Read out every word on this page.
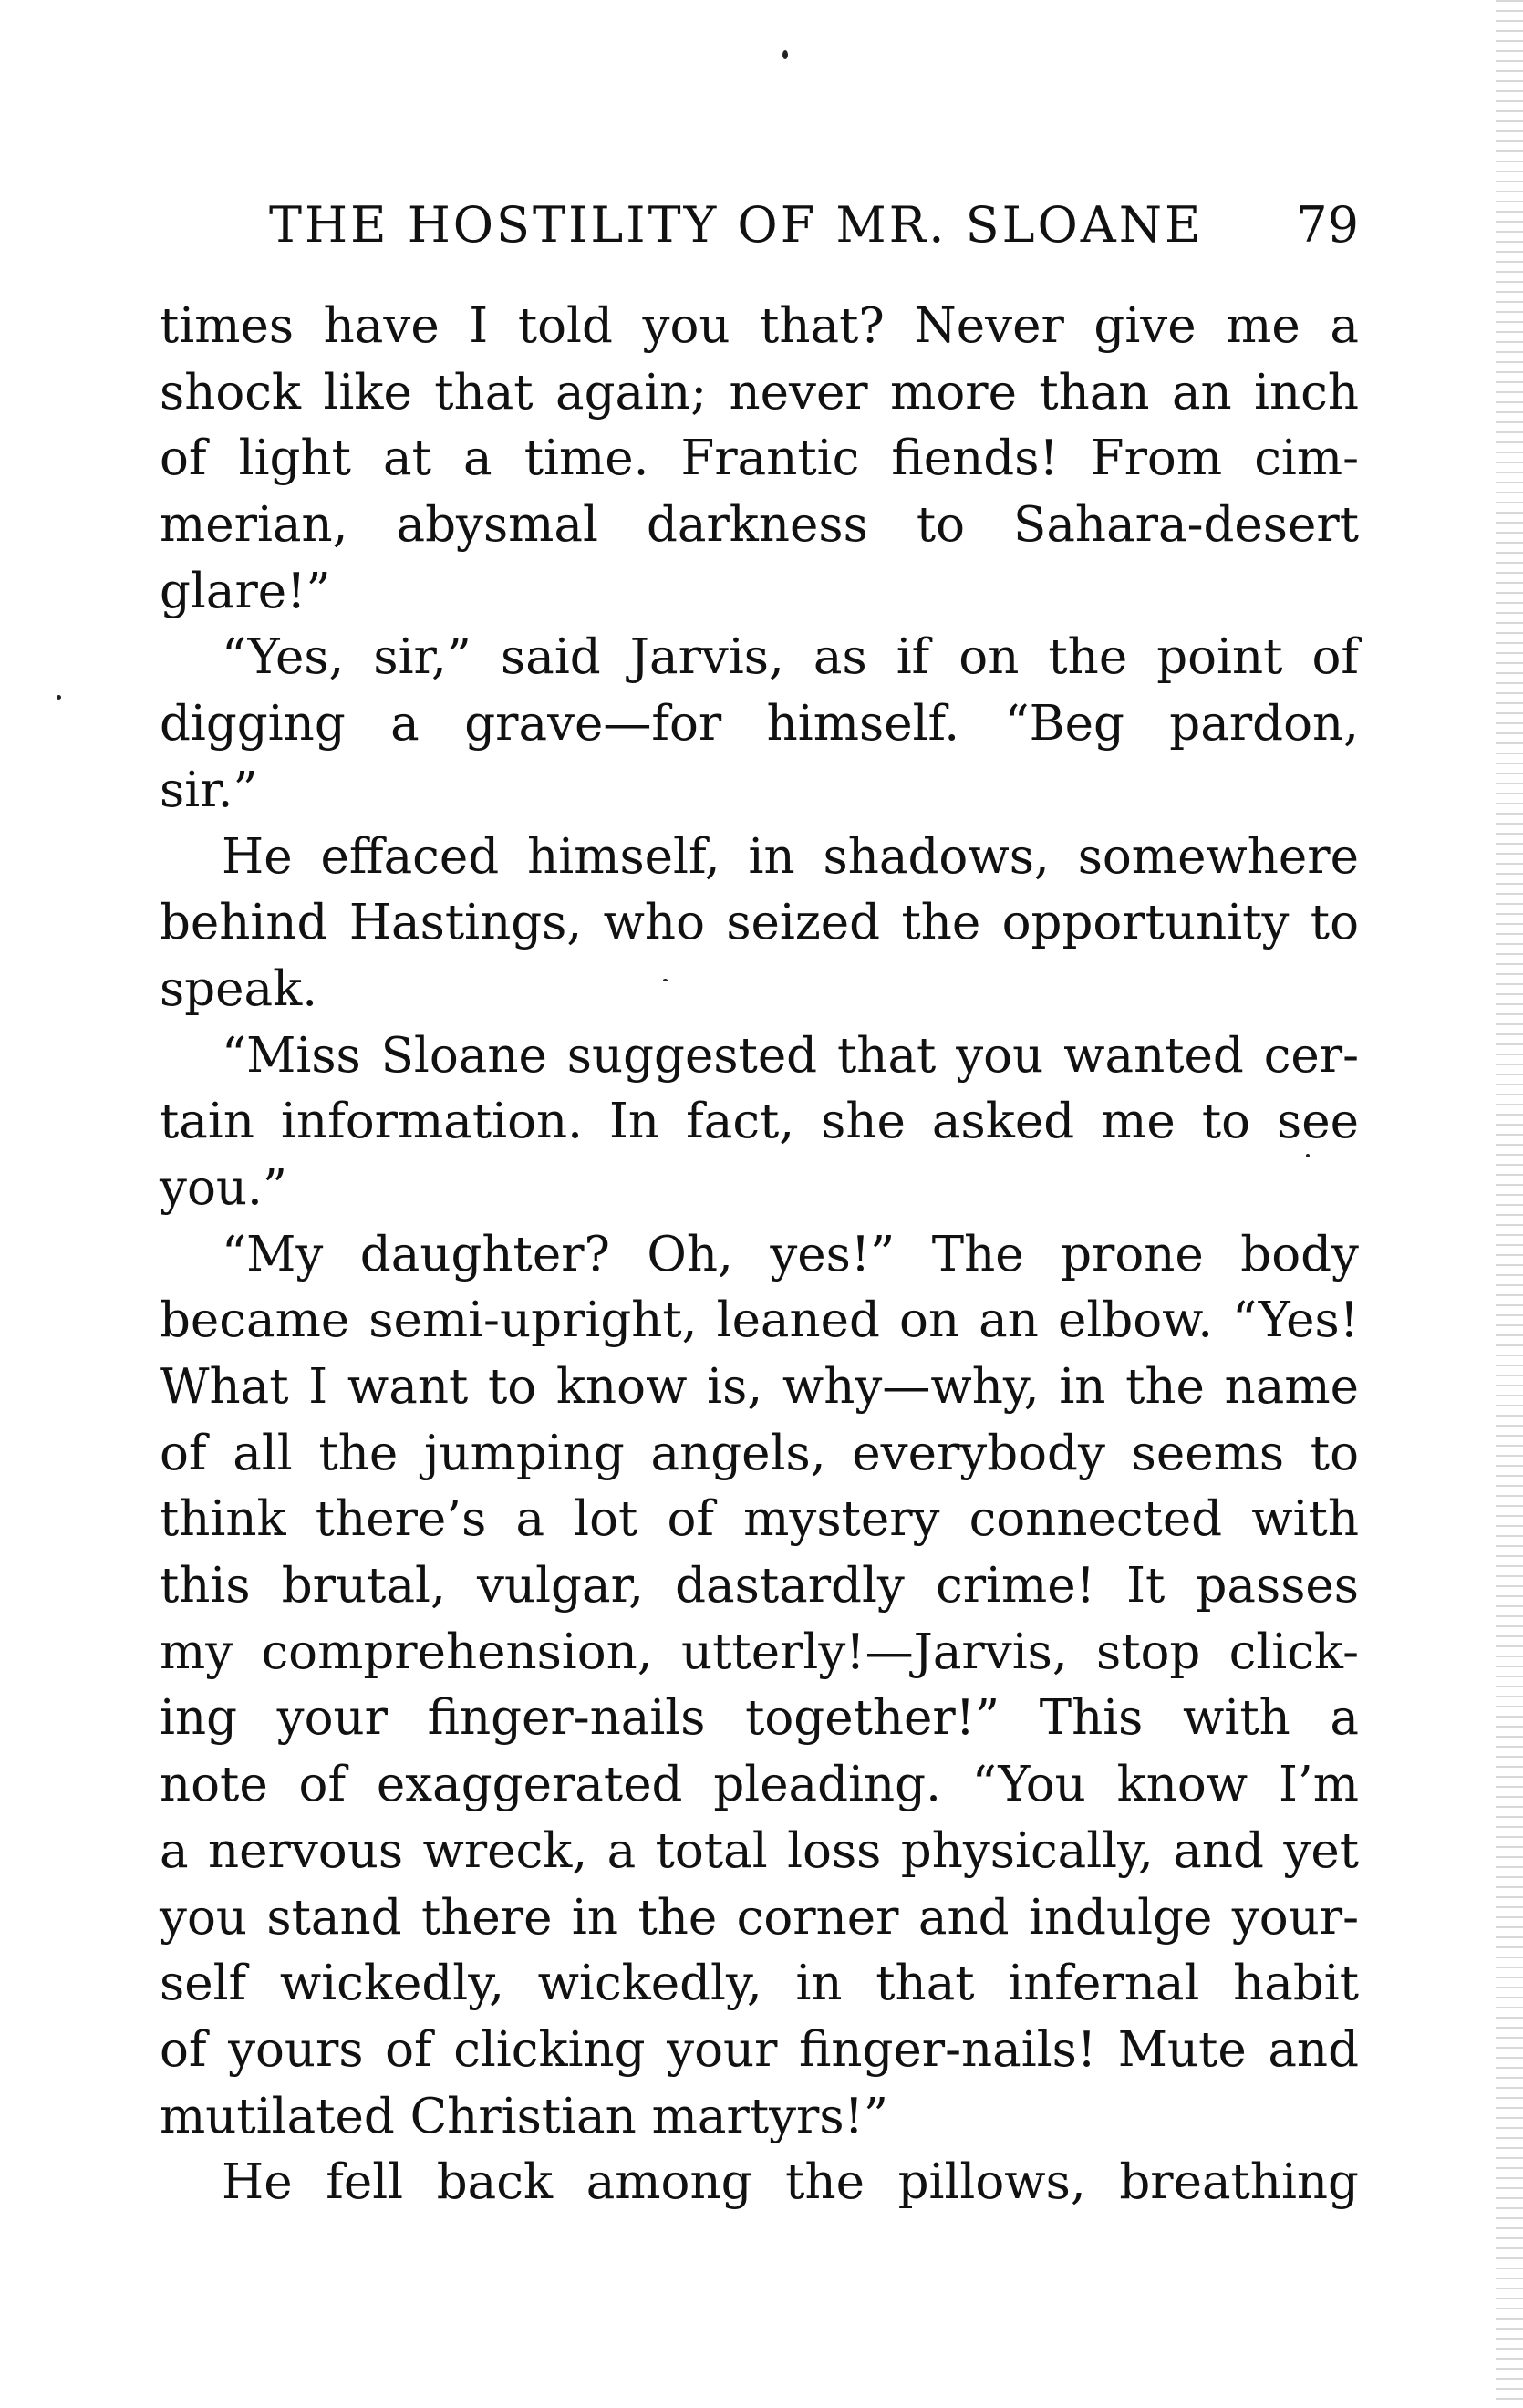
THE HOSTILITY OF MR. SLOANE 79
times have I told you that? Never give me a
shock like that again; never more than an inch
of light at a time. Frantic fiends! From cim-
merian, abysmal darkness to Sahara-desert
glare!”
“Yes, sir,” said Jarvis, as if on the point of
digging a grave—for himself. “Beg pardon,
sir.”
He effaced himself, in shadows, somewhere
behind Hastings, who seized the opportunity to
speak.
“Miss Sloane suggested that you wanted cer-
tain information. In fact, she asked me to see
you.”
“My daughter? Oh, yes!” The prone body
became semi-upright, leaned on an elbow. “Yes!
What I want to know is, why—why, in the name
of all the jumping angels, everybody seems to
think there’s a lot of mystery connected with
this brutal, vulgar, dastardly crime! It passes
my comprehension, utterly!—Jarvis, stop click-
ing your finger-nails together!” This with a
note of exaggerated pleading. “You know I’m
a nervous wreck, a total loss physically, and yet
you stand there in the corner and indulge your-
self wickedly, wickedly, in that infernal habit
of yours of clicking your finger-nails! Mute and
mutilated Christian martyrs!”
He fell back among the pillows, breathing
